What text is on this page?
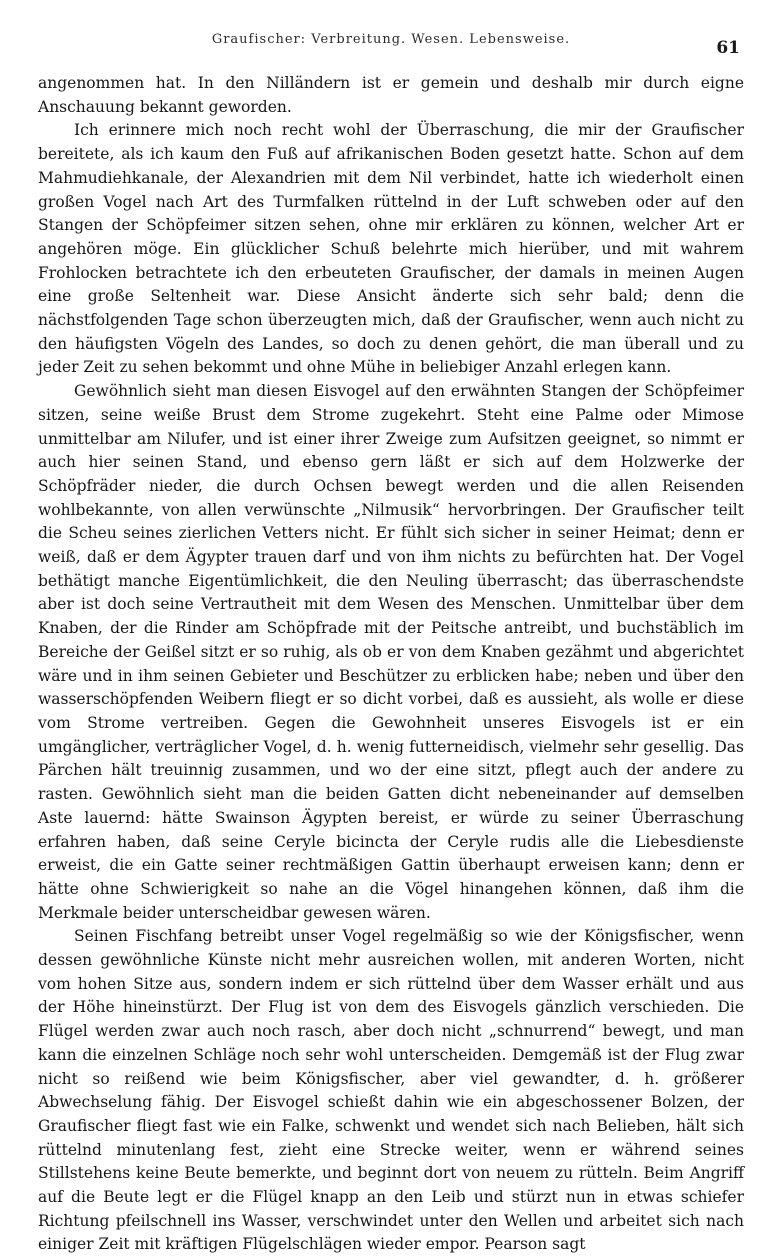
Graufischer: Verbreitung. Wesen. Lebensweise.	61

angenommen hat. In den Nilländern ist er gemein und deshalb mir durch eigne Anschauung bekannt geworden.

Ich erinnere mich noch recht wohl der Überraschung, die mir der Graufischer bereitete, als ich kaum den Fuß auf afrikanischen Boden gesetzt hatte. Schon auf dem Mahmudiehkanale, der Alexandrien mit dem Nil verbindet, hatte ich wiederholt einen großen Vogel nach Art des Turmfalken rüttelnd in der Luft schweben oder auf den Stangen der Schöpfeimer sitzen sehen, ohne mir erklären zu können, welcher Art er angehören möge. Ein glücklicher Schuß belehrte mich hierüber, und mit wahrem Frohlocken betrachtete ich den erbeuteten Graufischer, der damals in meinen Augen eine große Seltenheit war. Diese Ansicht änderte sich sehr bald; denn die nächstfolgenden Tage schon überzeugten mich, daß der Graufischer, wenn auch nicht zu den häufigsten Vögeln des Landes, so doch zu denen gehört, die man überall und zu jeder Zeit zu sehen bekommt und ohne Mühe in beliebiger Anzahl erlegen kann.

Gewöhnlich sieht man diesen Eisvogel auf den erwähnten Stangen der Schöpfeimer sitzen, seine weiße Brust dem Strome zugekehrt. Steht eine Palme oder Mimose unmittelbar am Nilufer, und ist einer ihrer Zweige zum Aufsitzen geeignet, so nimmt er auch hier seinen Stand, und ebenso gern läßt er sich auf dem Holzwerke der Schöpfräder nieder, die durch Ochsen bewegt werden und die allen Reisenden wohlbekannte, von allen verwünschte „Nilmusik“ hervorbringen. Der Graufischer teilt die Scheu seines zierlichen Vetters nicht. Er fühlt sich sicher in seiner Heimat; denn er weiß, daß er dem Ägypter trauen darf und von ihm nichts zu befürchten hat. Der Vogel bethätigt manche Eigentümlichkeit, die den Neuling überrascht; das überraschendste aber ist doch seine Vertrautheit mit dem Wesen des Menschen. Unmittelbar über dem Knaben, der die Rinder am Schöpfrade mit der Peitsche antreibt, und buchstäblich im Bereiche der Geißel sitzt er so ruhig, als ob er von dem Knaben gezähmt und abgerichtet wäre und in ihm seinen Gebieter und Beschützer zu erblicken habe; neben und über den wasserschöpfenden Weibern fliegt er so dicht vorbei, daß es aussieht, als wolle er diese vom Strome vertreiben. Gegen die Gewohnheit unseres Eisvogels ist er ein umgänglicher, verträglicher Vogel, d. h. wenig futterneidisch, vielmehr sehr gesellig. Das Pärchen hält treuinnig zusammen, und wo der eine sitzt, pflegt auch der andere zu rasten. Gewöhnlich sieht man die beiden Gatten dicht nebeneinander auf demselben Aste lauernd: hätte Swainson Ägypten bereist, er würde zu seiner Überraschung erfahren haben, daß seine Ceryle bicincta der Ceryle rudis alle die Liebesdienste erweist, die ein Gatte seiner rechtmäßigen Gattin überhaupt erweisen kann; denn er hätte ohne Schwierigkeit so nahe an die Vögel hinangehen können, daß ihm die Merkmale beider unterscheidbar gewesen wären.

Seinen Fischfang betreibt unser Vogel regelmäßig so wie der Königsfischer, wenn dessen gewöhnliche Künste nicht mehr ausreichen wollen, mit anderen Worten, nicht vom hohen Sitze aus, sondern indem er sich rüttelnd über dem Wasser erhält und aus der Höhe hineinstürzt. Der Flug ist von dem des Eisvogels gänzlich verschieden. Die Flügel werden zwar auch noch rasch, aber doch nicht „schnurrend“ bewegt, und man kann die einzelnen Schläge noch sehr wohl unterscheiden. Demgemäß ist der Flug zwar nicht so reißend wie beim Königsfischer, aber viel gewandter, d. h. größerer Abwechselung fähig. Der Eisvogel schießt dahin wie ein abgeschossener Bolzen, der Graufischer fliegt fast wie ein Falke, schwenkt und wendet sich nach Belieben, hält sich rüttelnd minutenlang fest, zieht eine Strecke weiter, wenn er während seines Stillstehens keine Beute bemerkte, und beginnt dort von neuem zu rütteln. Beim Angriff auf die Beute legt er die Flügel knapp an den Leib und stürzt nun in etwas schiefer Richtung pfeilschnell ins Wasser, verschwindet unter den Wellen und arbeitet sich nach einiger Zeit mit kräftigen Flügelschlägen wieder empor. Pearson sagt
